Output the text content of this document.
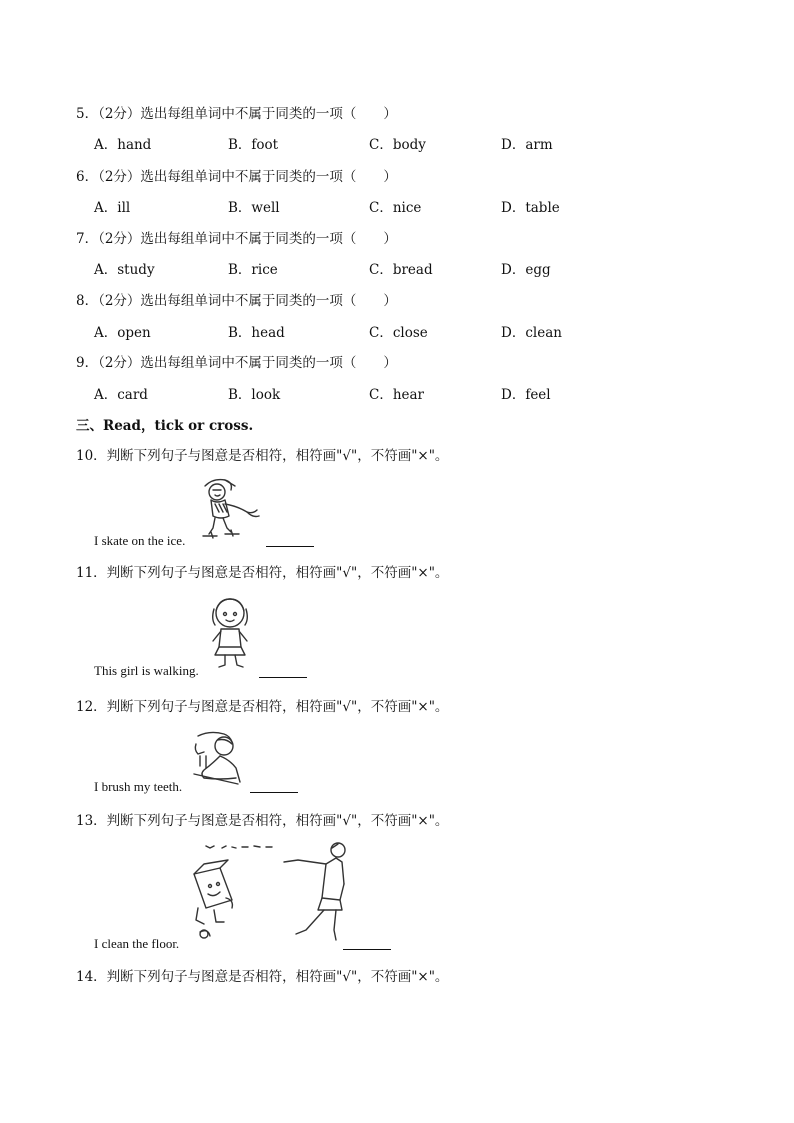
5．（2分）选出每组单词中不属于同类的一项（　　）
A．hand	B．foot	C．body	D．arm
6．（2分）选出每组单词中不属于同类的一项（　　）
A．ill	B．well	C．nice	D．table
7．（2分）选出每组单词中不属于同类的一项（　　）
A．study	B．rice	C．bread	D．egg
8．（2分）选出每组单词中不属于同类的一项（　　）
A．open	B．head	C．close	D．clean
9．（2分）选出每组单词中不属于同类的一项（　　）
A．card	B．look	C．hear	D．feel
三、Read，tick or cross.
10．判断下列句子与图意是否相符，相符画"√"，不符画"×"。
I skate on the ice.
11．判断下列句子与图意是否相符，相符画"√"，不符画"×"。
This girl is walking.
12．判断下列句子与图意是否相符，相符画"√"，不符画"×"。
I brush my teeth.
13．判断下列句子与图意是否相符，相符画"√"，不符画"×"。
I clean the floor.
14．判断下列句子与图意是否相符，相符画"√"，不符画"×"。
